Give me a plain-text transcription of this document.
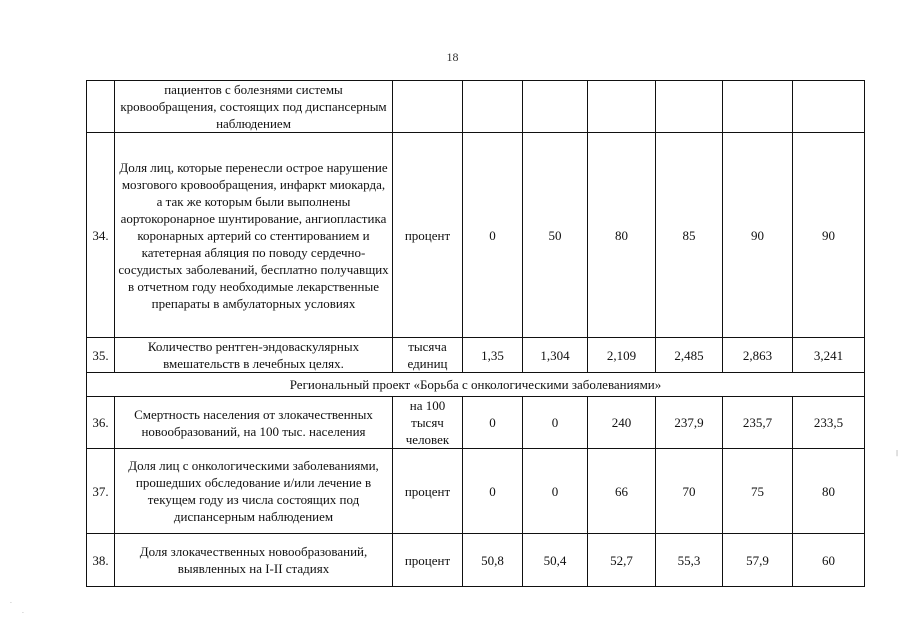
18
	пациентов с болезнями системы кровообращения, состоящих под диспансерным наблюдением							
34.	Доля лиц, которые перенесли острое нарушение мозгового кровообращения, инфаркт миокарда, а так же которым были выполнены аортокоронарное шунтирование, ангиопластика коронарных артерий со стентированием и катетерная абляция по поводу сердечно-сосудистых заболеваний, бесплатно получавщих в отчетном году необходимые лекарственные препараты в амбулаторных условиях	процент	0	50	80	85	90	90
35.	Количество рентген-эндоваскулярных вмешательств в лечебных целях.	тысяча единиц	1,35	1,304	2,109	2,485	2,863	3,241
Региональный проект «Борьба с онкологическими заболеваниями»								
36.	Смертность населения от злокачественных новообразований, на 100 тыс. населения	на 100 тысяч человек	0	0	240	237,9	235,7	233,5
37.	Доля лиц с онкологическими заболеваниями, прошедших обследование и/или лечение в текущем году из числа состоящих под диспансерным наблюдением	процент	0	0	66	70	75	80
38.	Доля злокачественных новообразований, выявленных на I-II стадиях	процент	50,8	50,4	52,7	55,3	57,9	60
·
·
|
